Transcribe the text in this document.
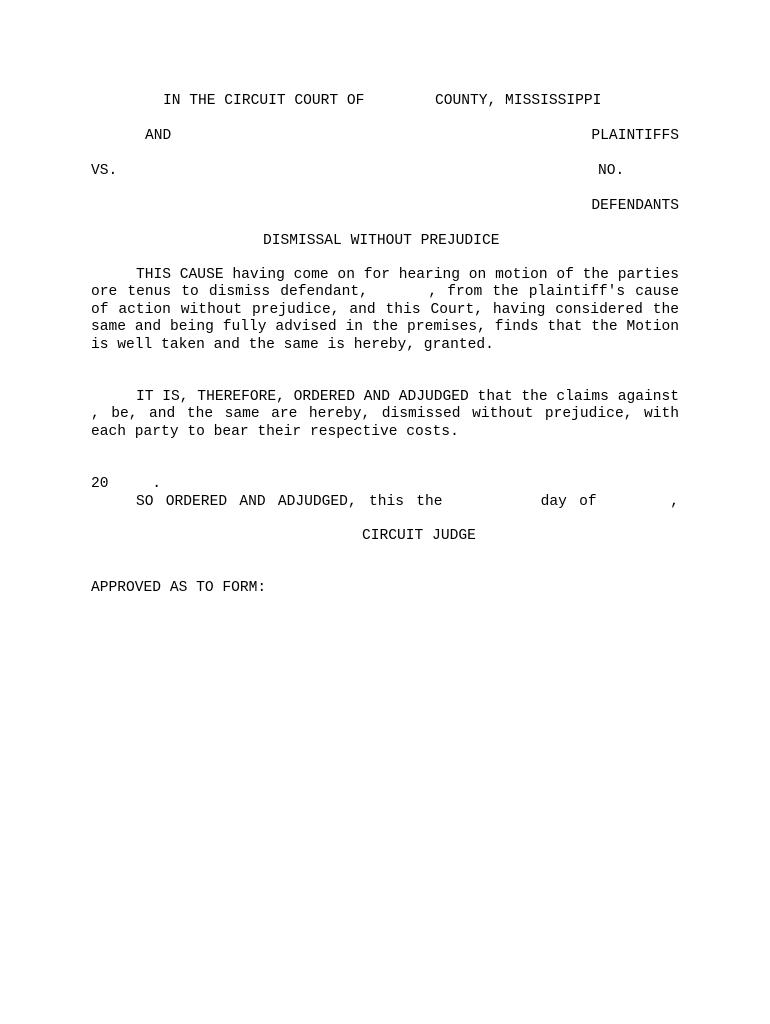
IN THE CIRCUIT COURT OF	COUNTY, MISSISSIPPI
AND	PLAINTIFFS
VS.	NO.
DEFENDANTS
DISMISSAL WITHOUT PREJUDICE
THIS CAUSE having come on for hearing on motion of the parties ore tenus to dismiss defendant,      , from the plaintiff's cause of action without prejudice, and this Court, having considered the same and being fully advised in the premises, finds that the Motion is well taken and the same is hereby, granted.
IT IS, THEREFORE, ORDERED AND ADJUDGED that the claims against      , be, and the same are hereby, dismissed without prejudice, with each party to bear their respective costs.

SO ORDERED AND ADJUDGED, this the        day of      ,

20     .
CIRCUIT JUDGE
APPROVED AS TO FORM:
